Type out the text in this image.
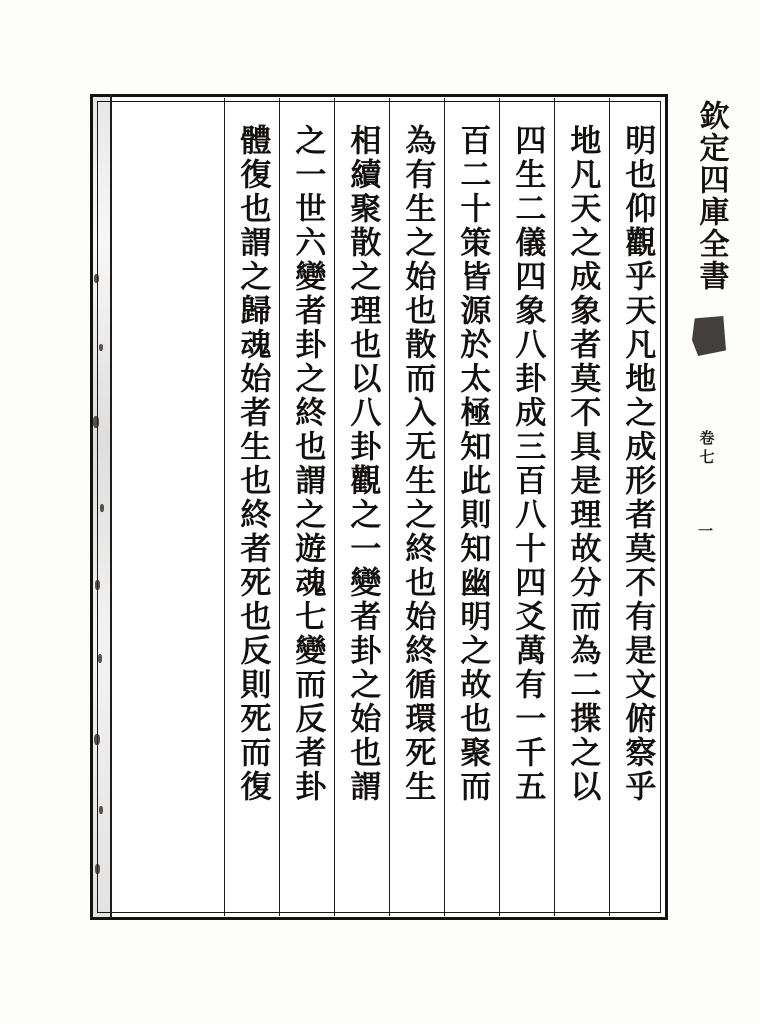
明也仰觀乎天凡地之成形者莫不有是文俯察乎
地凡天之成象者莫不具是理故分而為二揲之以
四生二儀四象八卦成三百八十四爻萬有一千五
百二十策皆源於太極知此則知幽明之故也聚而
為有生之始也散而入无生之終也始終循環死生
相續聚散之理也以八卦觀之一變者卦之始也謂
之一世六變者卦之終也謂之遊魂七變而反者卦
體復也謂之歸魂始者生也終者死也反則死而復	欽定四庫全書
卷七
一
